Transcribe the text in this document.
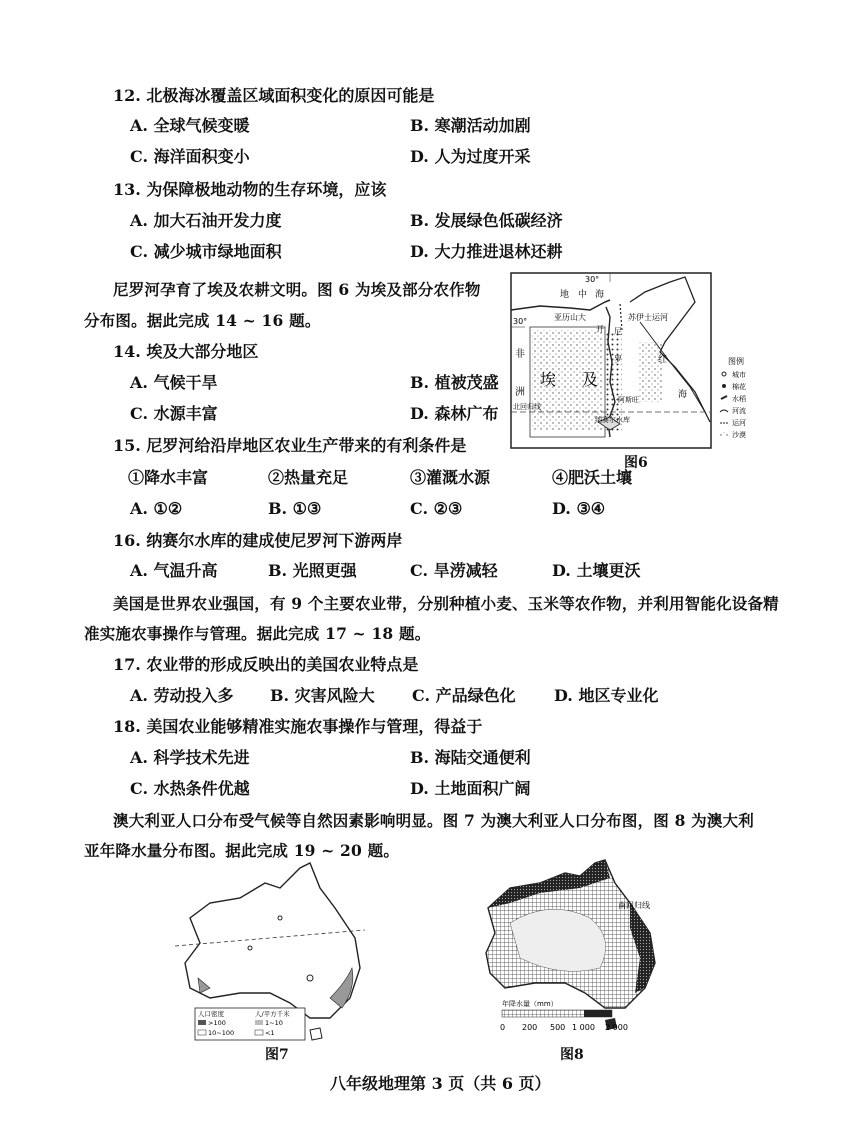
12. 北极海冰覆盖区域面积变化的原因可能是
A. 全球气候变暖	B. 寒潮活动加剧
C. 海洋面积变小	D. 人为过度开采
13. 为保障极地动物的生存环境，应该
A. 加大石油开发力度	B. 发展绿色低碳经济
C. 减少城市绿地面积	D. 大力推进退林还耕
尼罗河孕育了埃及农耕文明。图 6 为埃及部分农作物
分布图。据此完成 14 ~ 16 题。
14. 埃及大部分地区
A. 气候干旱	B. 植被茂盛
C. 水源丰富	D. 森林广布
15. 尼罗河给沿岸地区农业生产带来的有利条件是
①降水丰富	②热量充足	③灌溉水源	④肥沃土壤
A. ①②	B. ①③	C. ②③	D. ③④
16. 纳赛尔水库的建成使尼罗河下游两岸
A. 气温升高	B. 光照更强	C. 旱涝减轻	D. 土壤更沃
美国是世界农业强国，有 9 个主要农业带，分别种植小麦、玉米等农作物，并利用智能化设备精
准实施农事操作与管理。据此完成 17 ~ 18 题。
17. 农业带的形成反映出的美国农业特点是
A. 劳动投入多 B. 灾害风险大 C. 产品绿色化 D. 地区专业化
18. 美国农业能够精准实施农事操作与管理，得益于
A. 科学技术先进	B. 海陆交通便利
C. 水热条件优越	D. 土地面积广阔
澳大利亚人口分布受气候等自然因素影响明显。图 7 为澳大利亚人口分布图，图 8 为澳大利
亚年降水量分布图。据此完成 19 ~ 20 题。
30°
30°
地 中 海
亚历山大	苏伊士运河
开 尼
罗
非
洲
埃 及
红
海
阿斯旺
纳赛尔水库
北回归线
图例
城市
棉花
水稻
河流
运河
沙漠
图6
人口密度	人/平方千米
>100	1~10
10~100	<1
图7
南回归线
年降水量（mm）
0 200 500 1 000 2 000
图8
八年级地理第 3 页（共 6 页）
